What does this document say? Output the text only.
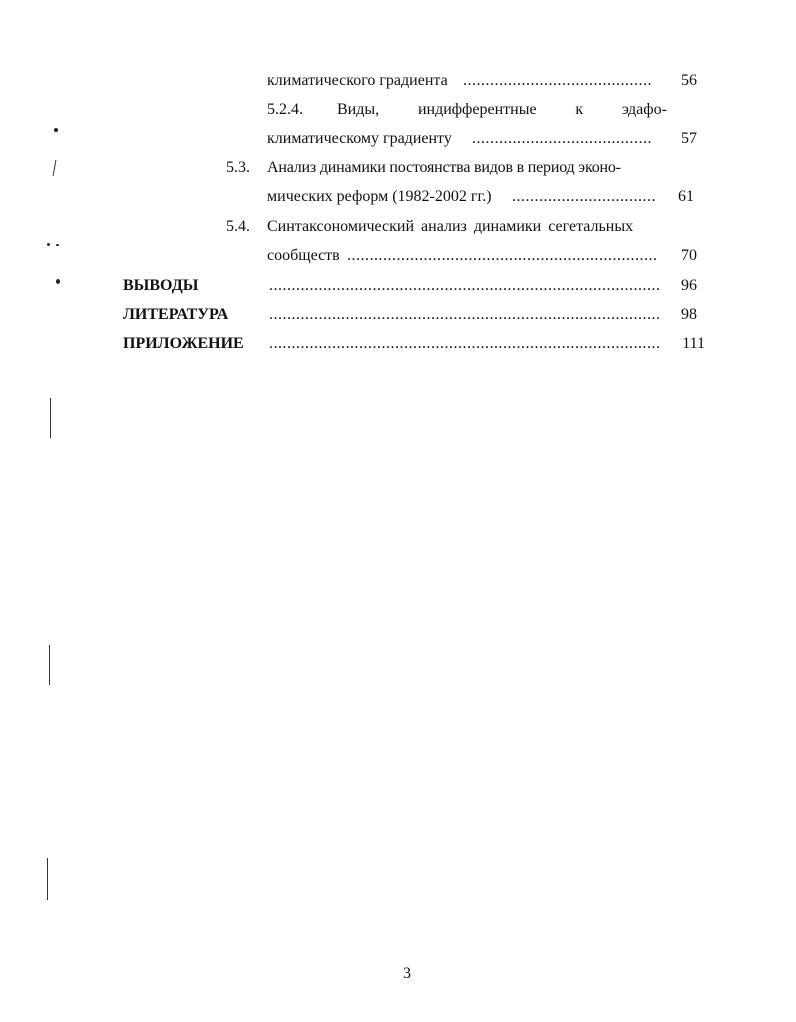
климатического градиента .....	56
5.2.4. Виды, индифферентные к эдафо-
климатическому градиенту .....	57
5.3. Анализ динамики постоянства видов в период эконо-
мических реформ (1982-2002 гг.) .....	61
5.4. Синтаксономический анализ динамики сегетальных
сообществ .....	70
ВЫВОДЫ .....	96
ЛИТЕРАТУРА .....	98
ПРИЛОЖЕНИЕ .....	111
3
